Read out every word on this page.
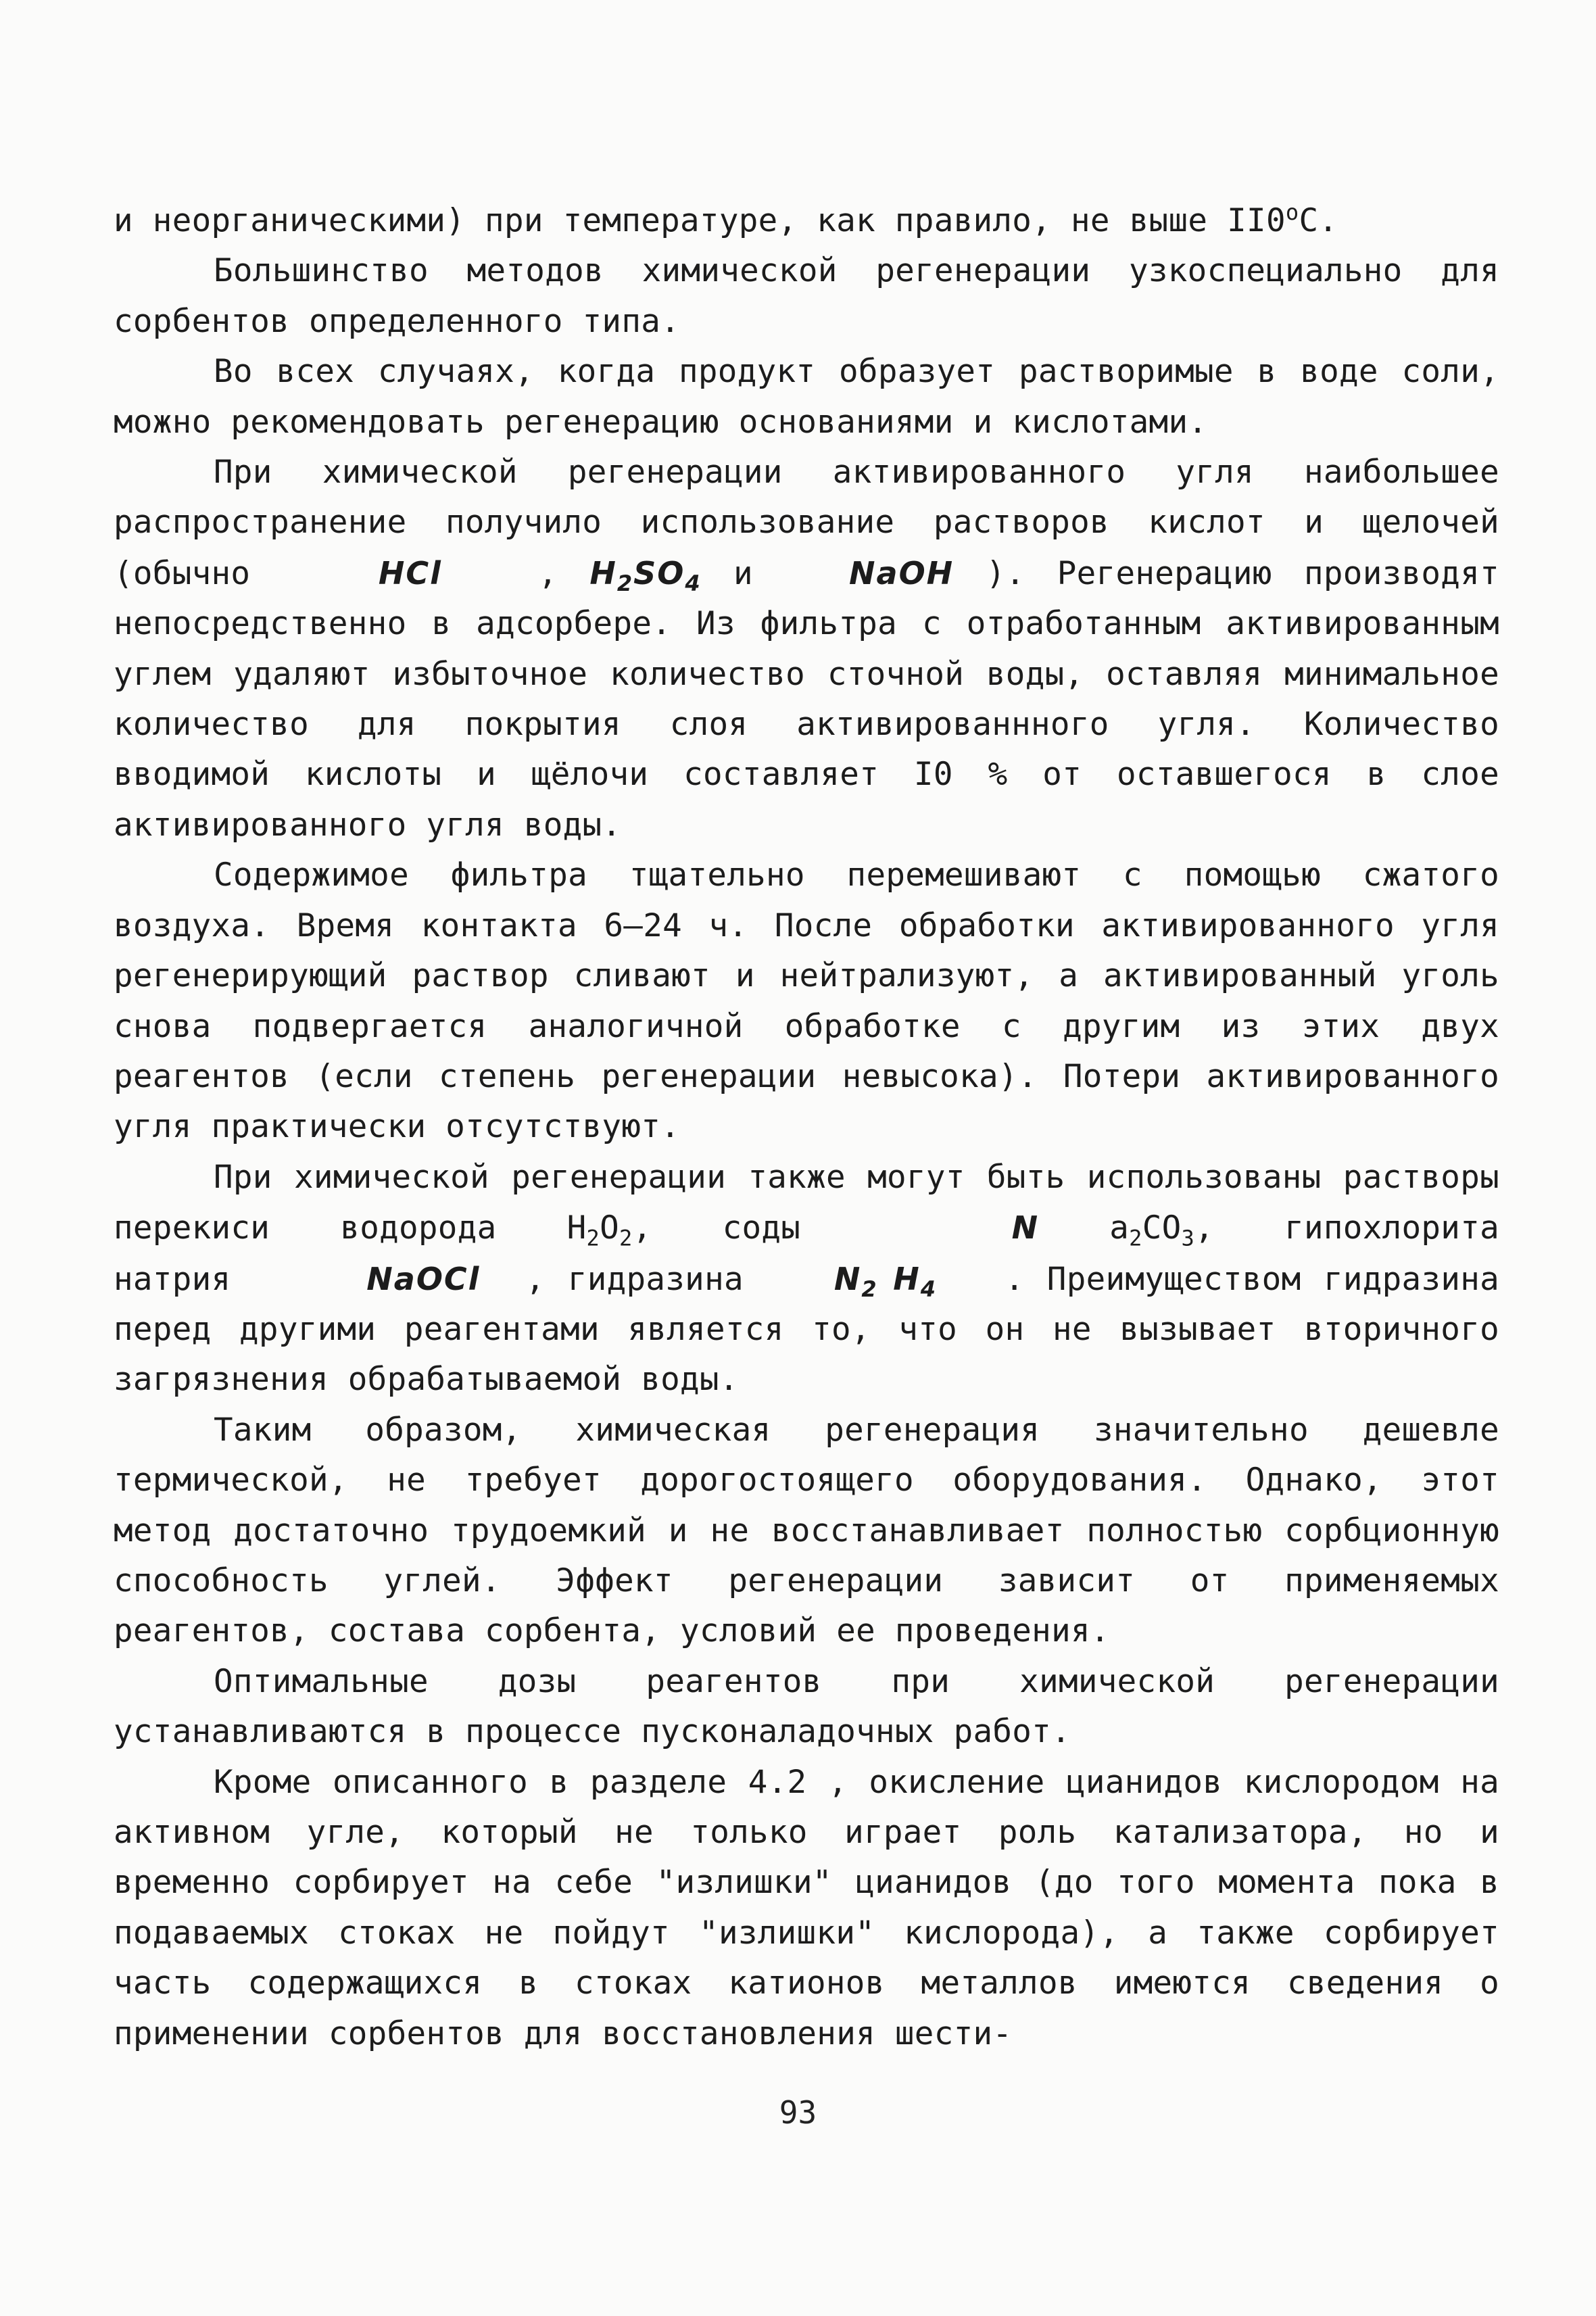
и неорганическими) при температуре, как правило, не выше $II0^оС$.

Большинство методов химической регенерации узкоспециально для сорбентов определенного типа.

Во всех случаях, когда продукт образует растворимые в воде соли, можно рекомендовать регенерацию основаниями и кислотами.

При химической регенерации активированного угля наибольшее распространение получило использование растворов кислот и щелочей (обычно	HCl	, $H_2SO_4$ и	NaOH ). Регенерацию производят непосредственно в адсорбере. Из фильтра с отработанным активированным углем удаляют избыточное количество сточной воды, оставляя минимальное количество для покрытия слоя активированнного угля. Количество вводимой кислоты и щёлочи составляет I0 % от оставшегося в слое активированного угля воды.

Содержимое фильтра тщательно перемешивают с помощью сжатого воздуха. Время контакта 6–24 ч. После обработки активированного угля регенерирующий раствор сливают и нейтрализуют, а активированный уголь снова подвергается аналогичной обработке с другим из этих двух реагентов (если степень регенерации невысока). Потери активированного угля практически отсутствуют.

При химической регенерации также могут быть использованы растворы перекиси водорода $H_2O_2$, соды	N $a_2CO_3$, гипохлорита натрия	NaOCl , гидразина	$N_2$ $H_4$ . Преимуществом гидразина перед другими реагентами является то, что он не вызывает вторичного загрязнения обрабатываемой воды.

Таким образом, химическая регенерация значительно дешевле термической, не требует дорогостоящего оборудования. Однако, этот метод достаточно трудоемкий и не восстанавливает полностью сорбционную способность углей. Эффект регенерации зависит от применяемых реагентов, состава сорбента, условий ее проведения.

Оптимальные дозы реагентов при химической регенерации устанавливаются в процессе пусконаладочных работ.

Кроме описанного в разделе 4.2 , окисление цианидов кислородом на активном угле, который не только играет роль катализатора, но и временно сорбирует на себе "излишки" цианидов (до того момента пока в подаваемых стоках не пойдут "излишки" кислорода), а также сорбирует часть содержащихся в стоках катионов металлов имеются сведения о применении сорбентов для восстановления шести-

93
